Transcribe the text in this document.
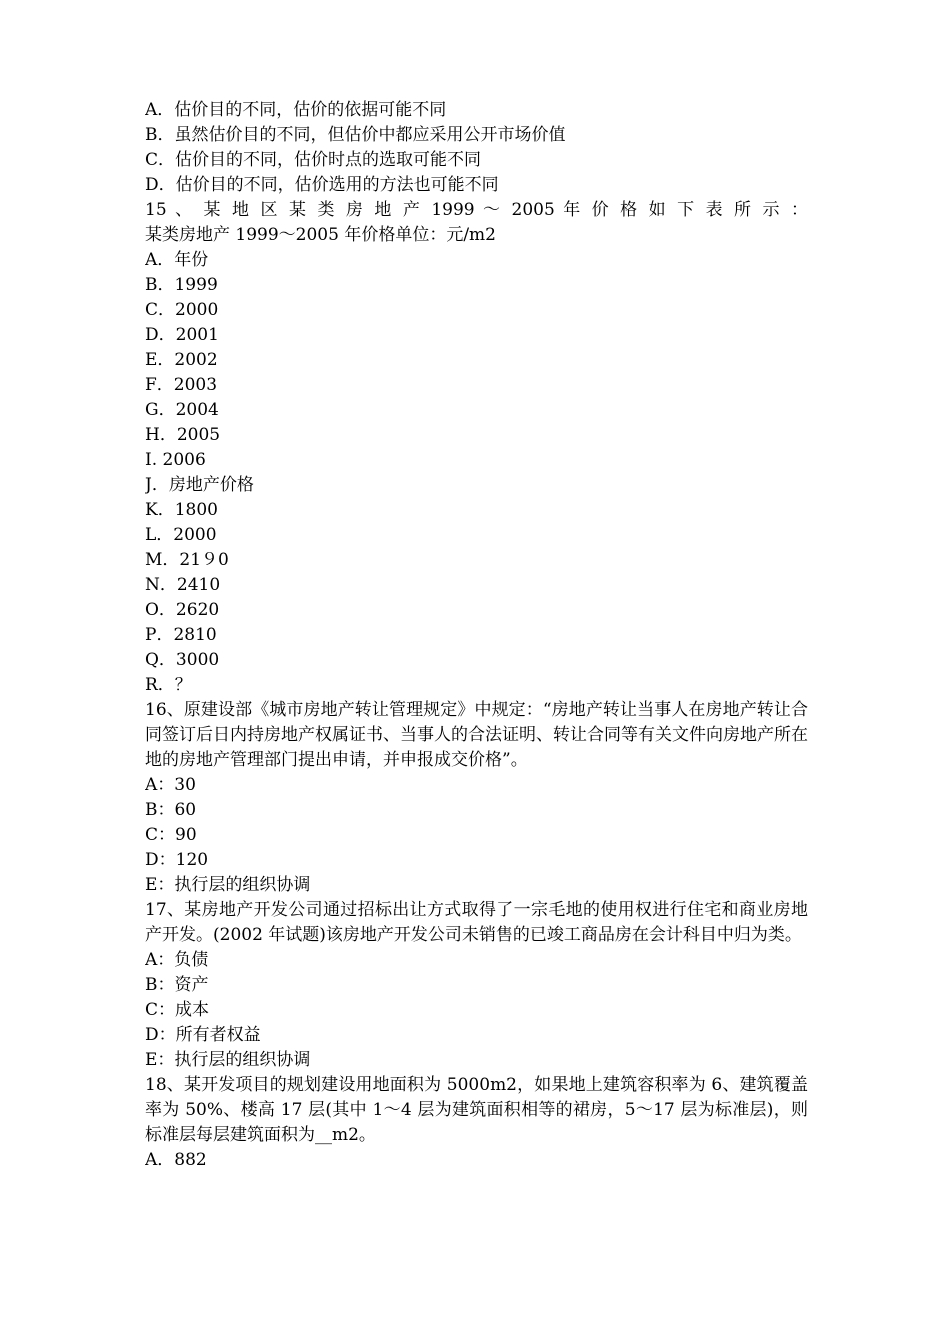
A．估价目的不同，估价的依据可能不同
B．虽然估价目的不同，但估价中都应采用公开市场价值
C．估价目的不同，估价时点的选取可能不同
D．估价目的不同，估价选用的方法也可能不同
15 、 某 地 区 某 类 房 地 产 1999 ～ 2005 年 价 格 如 下 表 所 示 ：
某类房地产 1999～2005 年价格单位：元/m2
A．年份
B．1999
C．2000
D．2001
E．2002
F．2003
G．2004
H．2005
I. 2006
J．房地产价格
K．1800
L．2000
M．21９0
N．2410
O．2620
P．2810
Q．3000
R．？
16、原建设部《城市房地产转让管理规定》中规定：“房地产转让当事人在房地产转让合同签订后日内持房地产权属证书、当事人的合法证明、转让合同等有关文件向房地产所在地的房地产管理部门提出申请，并申报成交价格”。
A：30
B：60
C：90
D：120
E：执行层的组织协调
17、某房地产开发公司通过招标出让方式取得了一宗毛地的使用权进行住宅和商业房地产开发。(2002 年试题)该房地产开发公司未销售的已竣工商品房在会计科目中归为类。
A：负债
B：资产
C：成本
D：所有者权益
E：执行层的组织协调
18、某开发项目的规划建设用地面积为 5000m2，如果地上建筑容积率为 6、建筑覆盖率为 50%、楼高 17 层(其中 1～4 层为建筑面积相等的裙房，5～17 层为标准层)，则标准层每层建筑面积为__m2。
A．882
